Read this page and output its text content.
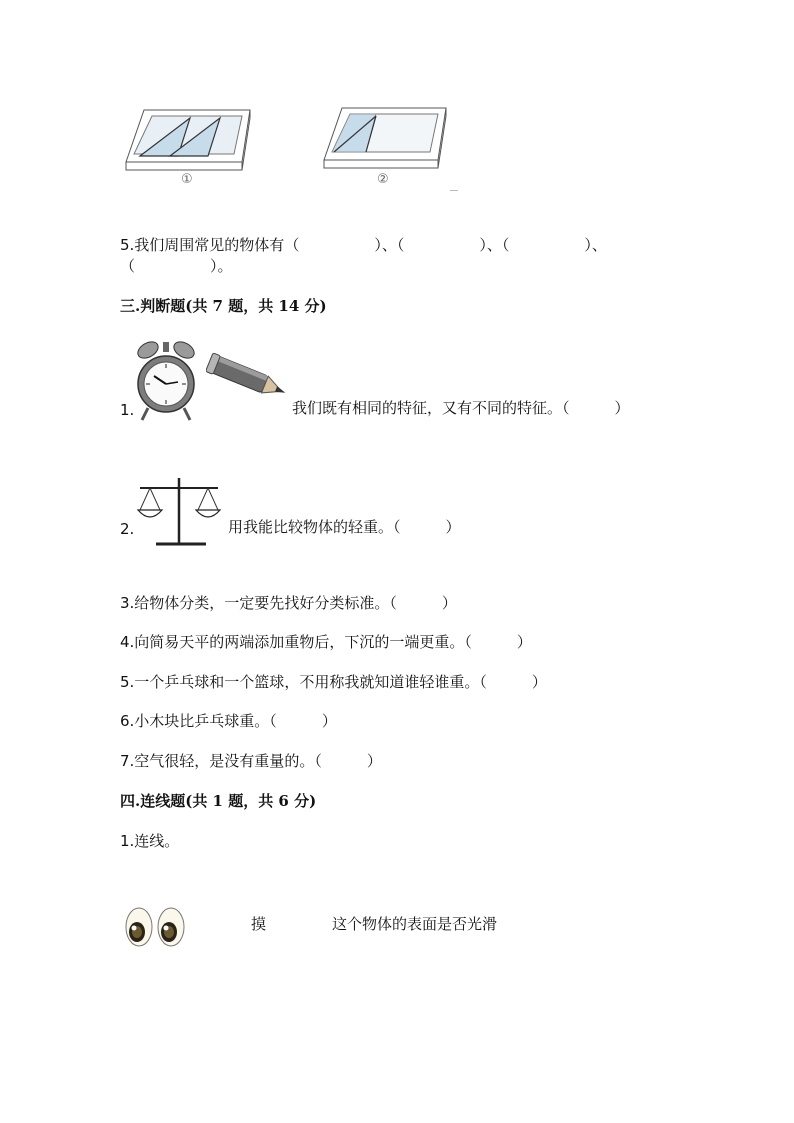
①	②
5.我们周围常见的物体有（　　　　　）、（　　　　　）、（　　　　　）、
（　　　　　）。
三.判断题(共 7 题，共 14 分)
1.	我们既有相同的特征，又有不同的特征。（　　　）
2.	用我能比较物体的轻重。（　　　）
3.给物体分类，一定要先找好分类标准。（　　　）
4.向简易天平的两端添加重物后，下沉的一端更重。（　　　）
5.一个乒乓球和一个篮球，不用称我就知道谁轻谁重。（　　　）
6.小木块比乒乓球重。（　　　）
7.空气很轻，是没有重量的。（　　　）
四.连线题(共 1 题，共 6 分)
1.连线。
摸	这个物体的表面是否光滑
